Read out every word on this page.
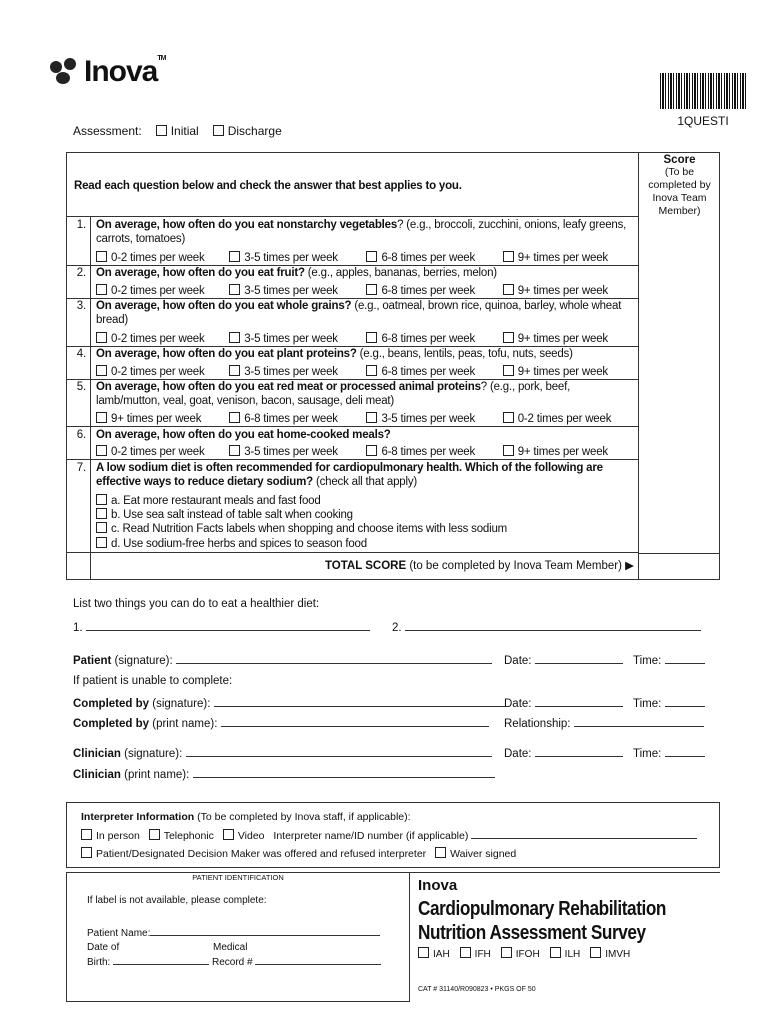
Inova™
1QUESTI
Assessment:	Initial	Discharge
Score
(To be completed by Inova Team Member)
Read each question below and check the answer that best applies to you.
1. On average, how often do you eat nonstarchy vegetables? (e.g., broccoli, zucchini, onions, leafy greens, carrots, tomatoes)
0-2 times per week	3-5 times per week	6-8 times per week	9+ times per week
2. On average, how often do you eat fruit? (e.g., apples, bananas, berries, melon)
0-2 times per week	3-5 times per week	6-8 times per week	9+ times per week
3. On average, how often do you eat whole grains? (e.g., oatmeal, brown rice, quinoa, barley, whole wheat bread)
0-2 times per week	3-5 times per week	6-8 times per week	9+ times per week
4. On average, how often do you eat plant proteins? (e.g., beans, lentils, peas, tofu, nuts, seeds)
0-2 times per week	3-5 times per week	6-8 times per week	9+ times per week
5. On average, how often do you eat red meat or processed animal proteins? (e.g., pork, beef, lamb/mutton, veal, goat, venison, bacon, sausage, deli meat)
9+ times per week	6-8 times per week	3-5 times per week	0-2 times per week
6. On average, how often do you eat home-cooked meals?
0-2 times per week	3-5 times per week	6-8 times per week	9+ times per week
7. A low sodium diet is often recommended for cardiopulmonary health. Which of the following are effective ways to reduce dietary sodium? (check all that apply)
a. Eat more restaurant meals and fast food
b. Use sea salt instead of table salt when cooking
c. Read Nutrition Facts labels when shopping and choose items with less sodium
d. Use sodium-free herbs and spices to season food
TOTAL SCORE (to be completed by Inova Team Member) ▶
List two things you can do to eat a healthier diet:
1.	2.
Patient (signature):	Date:	Time:
If patient is unable to complete:
Completed by (signature):	Date:	Time:
Completed by (print name):	Relationship:
Clinician (signature):	Date:	Time:
Clinician (print name):
Interpreter Information (To be completed by Inova staff, if applicable):
In person Telephonic Video Interpreter name/ID number (if applicable)
Patient/Designated Decision Maker was offered and refused interpreter Waiver signed
PATIENT IDENTIFICATION
If label is not available, please complete:
Patient Name:
Date of
Birth:
Medical
Record #
Inova
Cardiopulmonary Rehabilitation
Nutrition Assessment Survey
IAH	IFH	IFOH	ILH	IMVH
CAT # 31140/R090823 • PKGS OF 50
